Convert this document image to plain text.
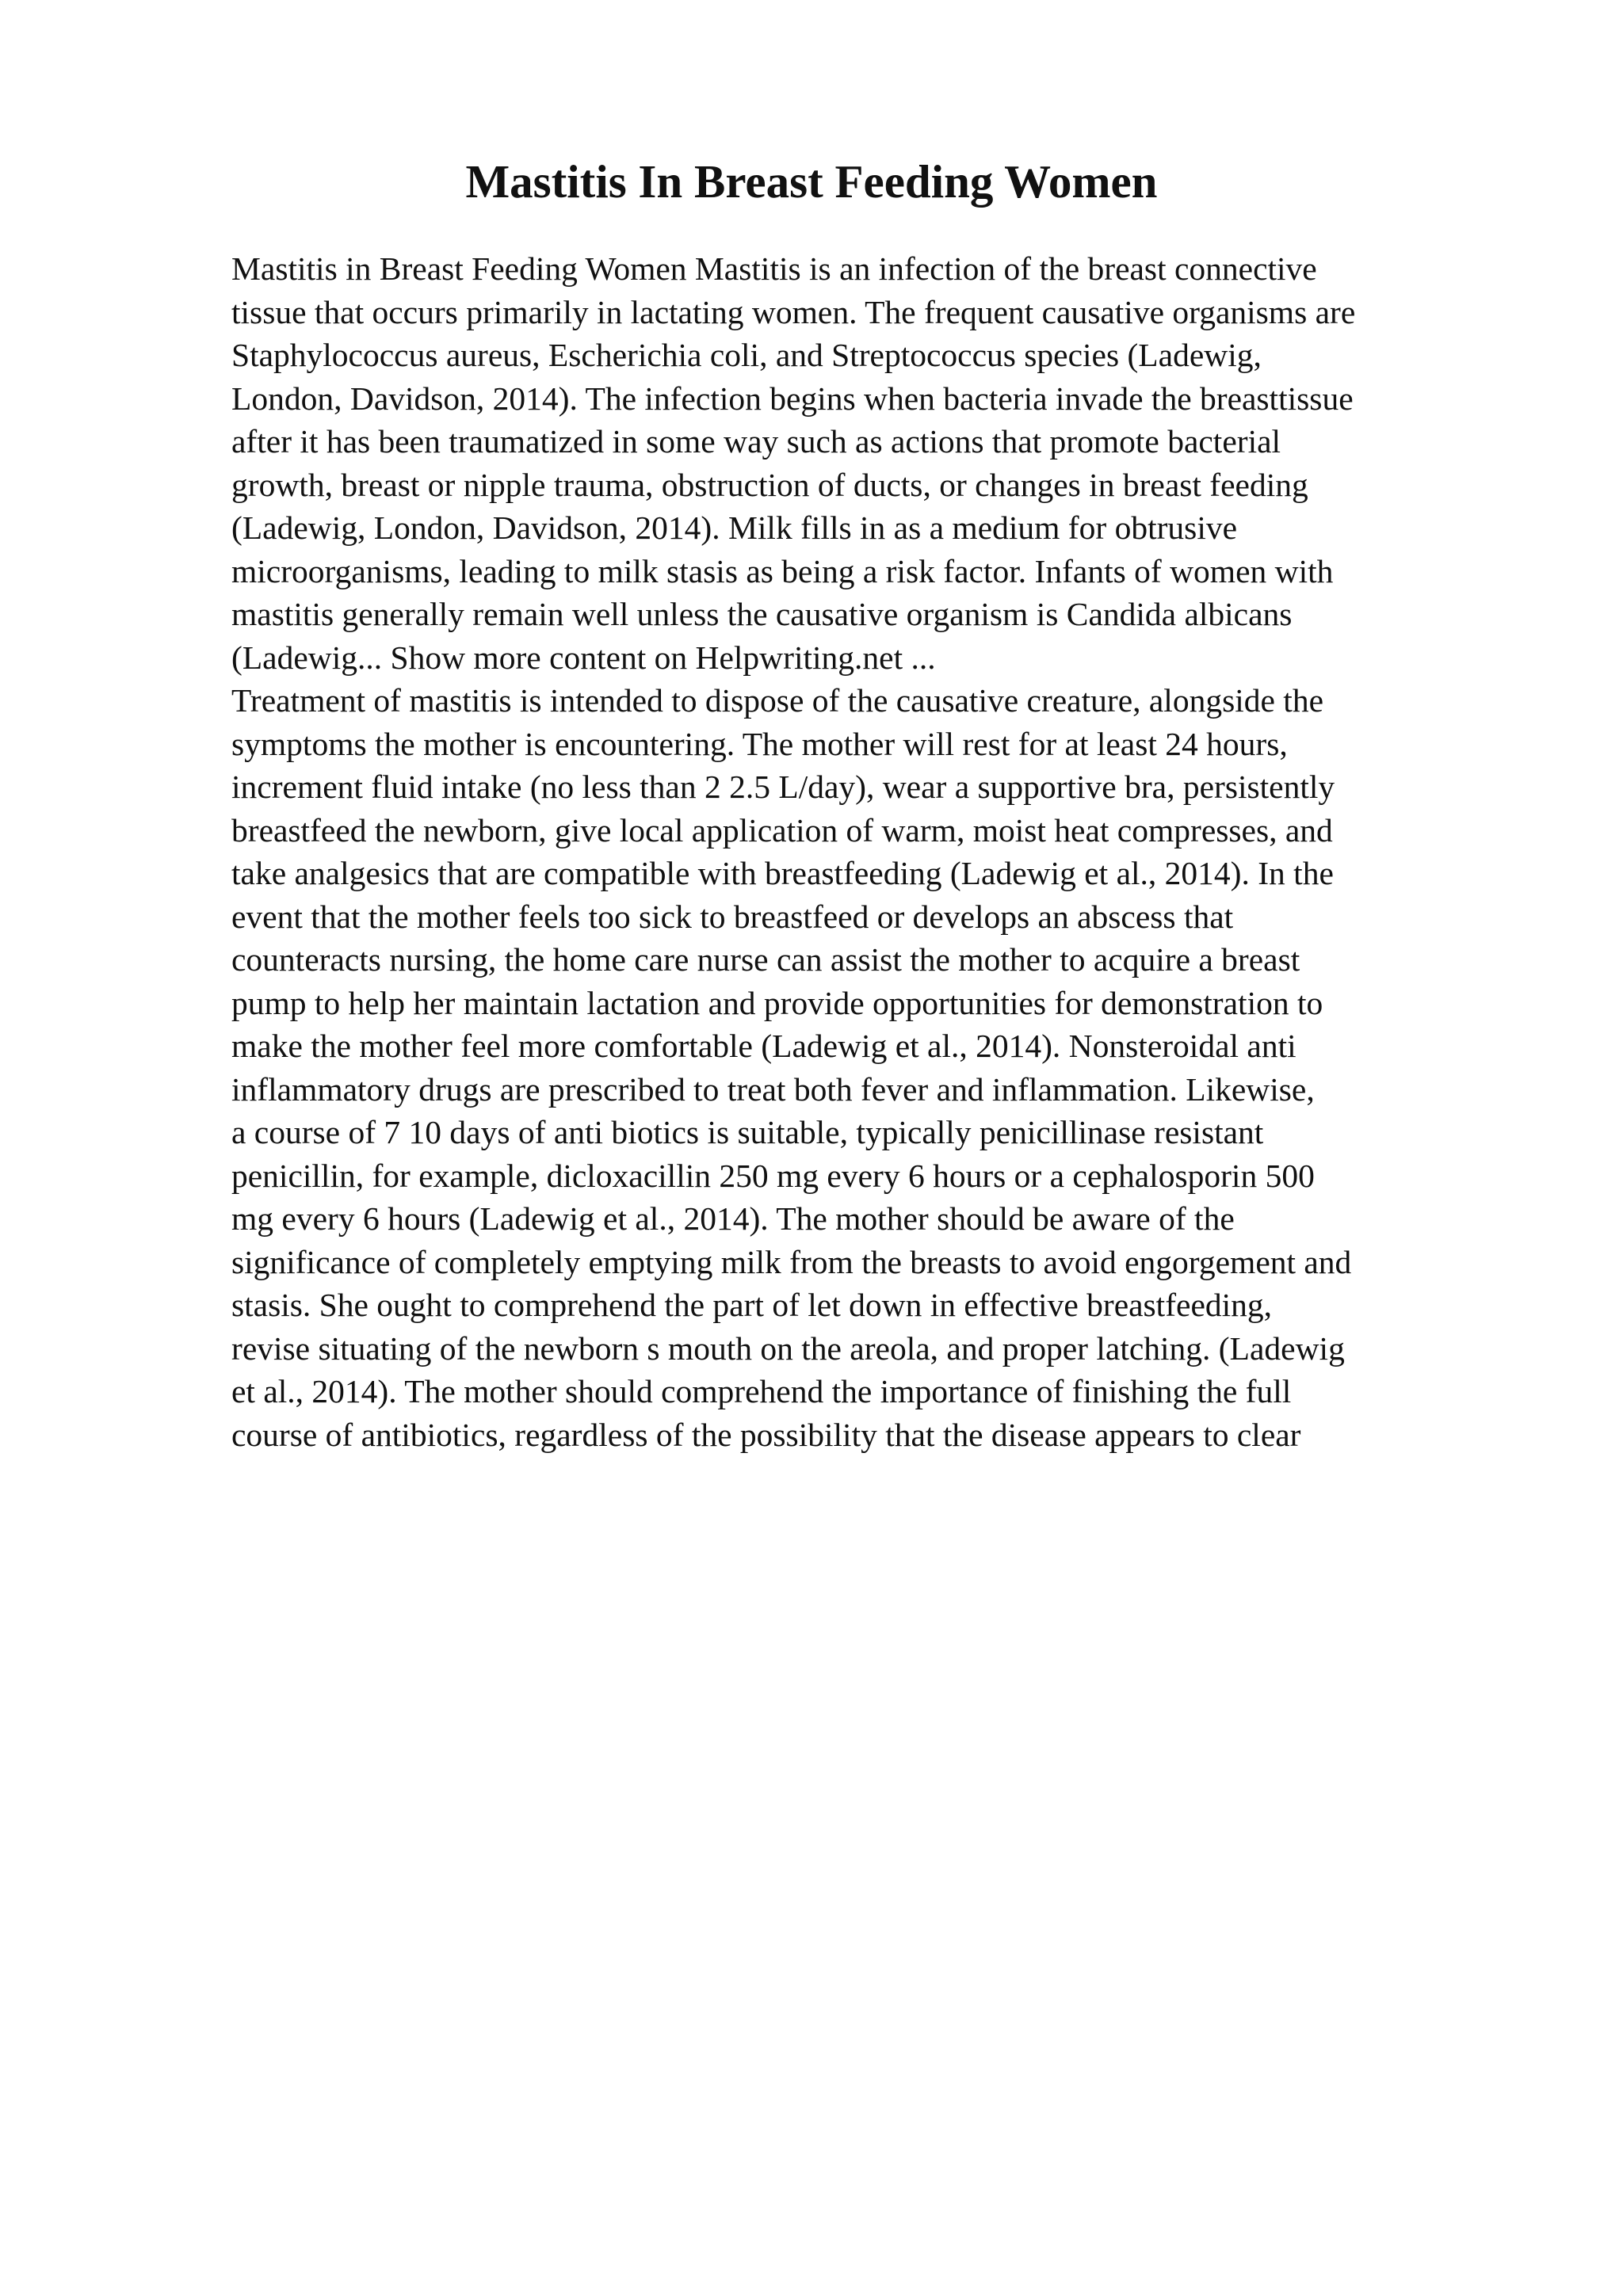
Mastitis In Breast Feeding Women
Mastitis in Breast Feeding Women Mastitis is an infection of the breast connective
tissue that occurs primarily in lactating women. The frequent causative organisms are
Staphylococcus aureus, Escherichia coli, and Streptococcus species (Ladewig,
London, Davidson, 2014). The infection begins when bacteria invade the breasttissue
after it has been traumatized in some way such as actions that promote bacterial
growth, breast or nipple trauma, obstruction of ducts, or changes in breast feeding
(Ladewig, London, Davidson, 2014). Milk fills in as a medium for obtrusive
microorganisms, leading to milk stasis as being a risk factor. Infants of women with
mastitis generally remain well unless the causative organism is Candida albicans
(Ladewig... Show more content on Helpwriting.net ...
Treatment of mastitis is intended to dispose of the causative creature, alongside the
symptoms the mother is encountering. The mother will rest for at least 24 hours,
increment fluid intake (no less than 2 2.5 L/day), wear a supportive bra, persistently
breastfeed the newborn, give local application of warm, moist heat compresses, and
take analgesics that are compatible with breastfeeding (Ladewig et al., 2014). In the
event that the mother feels too sick to breastfeed or develops an abscess that
counteracts nursing, the home care nurse can assist the mother to acquire a breast
pump to help her maintain lactation and provide opportunities for demonstration to
make the mother feel more comfortable (Ladewig et al., 2014). Nonsteroidal anti
inflammatory drugs are prescribed to treat both fever and inflammation. Likewise,
a course of 7 10 days of anti biotics is suitable, typically penicillinase resistant
penicillin, for example, dicloxacillin 250 mg every 6 hours or a cephalosporin 500
mg every 6 hours (Ladewig et al., 2014). The mother should be aware of the
significance of completely emptying milk from the breasts to avoid engorgement and
stasis. She ought to comprehend the part of let down in effective breastfeeding,
revise situating of the newborn s mouth on the areola, and proper latching. (Ladewig
et al., 2014). The mother should comprehend the importance of finishing the full
course of antibiotics, regardless of the possibility that the disease appears to clear
